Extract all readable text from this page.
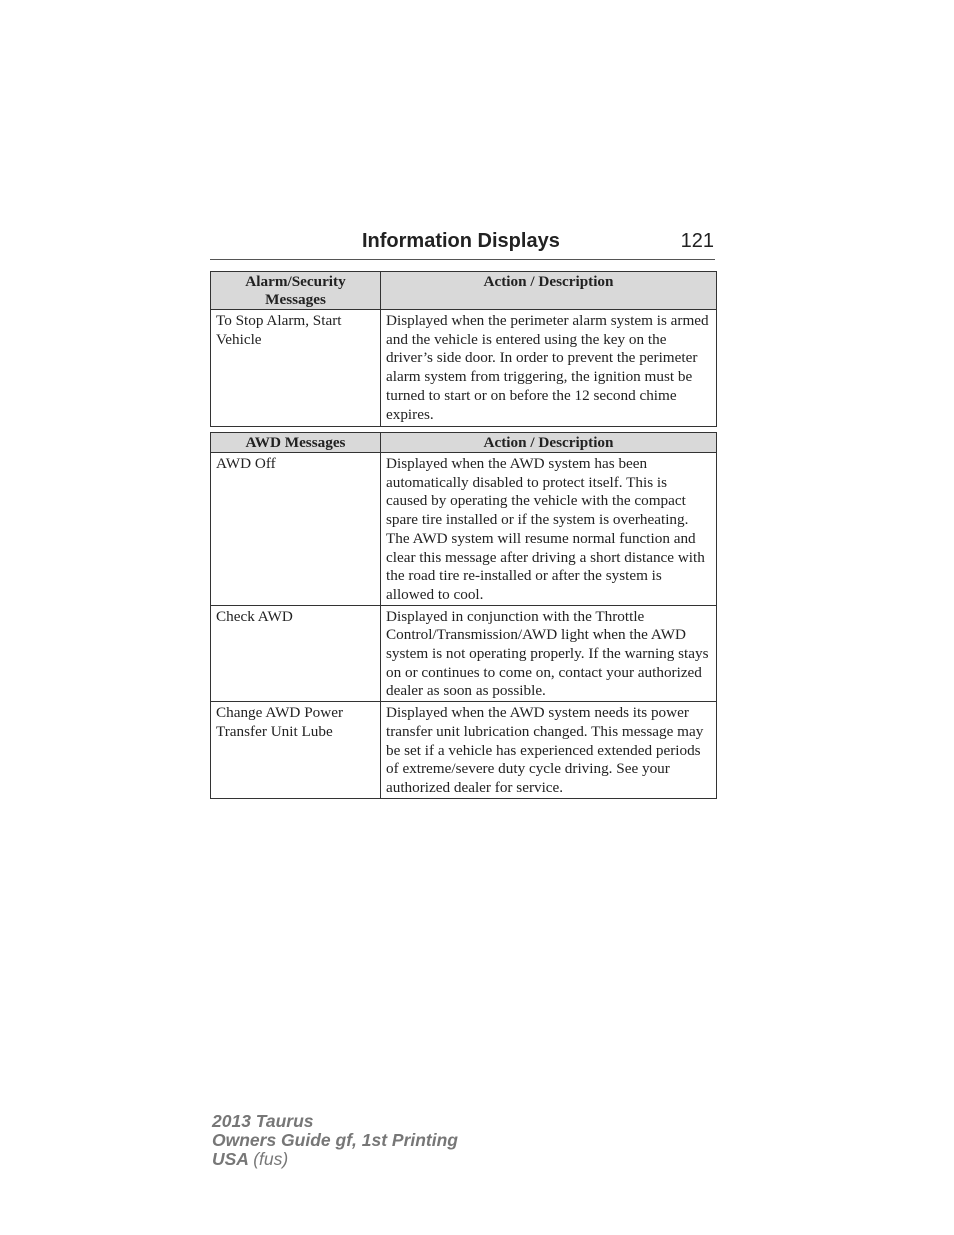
Information Displays	121
Alarm/Security Messages	Action / Description
To Stop Alarm, Start Vehicle	Displayed when the perimeter alarm system is armed and the vehicle is entered using the key on the driver’s side door. In order to prevent the perimeter alarm system from triggering, the ignition must be turned to start or on before the 12 second chime expires.
AWD Messages	Action / Description
AWD Off	Displayed when the AWD system has been automatically disabled to protect itself. This is caused by operating the vehicle with the compact spare tire installed or if the system is overheating. The AWD system will resume normal function and clear this message after driving a short distance with the road tire re-installed or after the system is allowed to cool.
Check AWD	Displayed in conjunction with the Throttle Control/Transmission/AWD light when the AWD system is not operating properly. If the warning stays on or continues to come on, contact your authorized dealer as soon as possible.
Change AWD Power Transfer Unit Lube	Displayed when the AWD system needs its power transfer unit lubrication changed. This message may be set if a vehicle has experienced extended periods of extreme/severe duty cycle driving. See your authorized dealer for service.
2013 Taurus
Owners Guide gf, 1st Printing
USA (fus)
